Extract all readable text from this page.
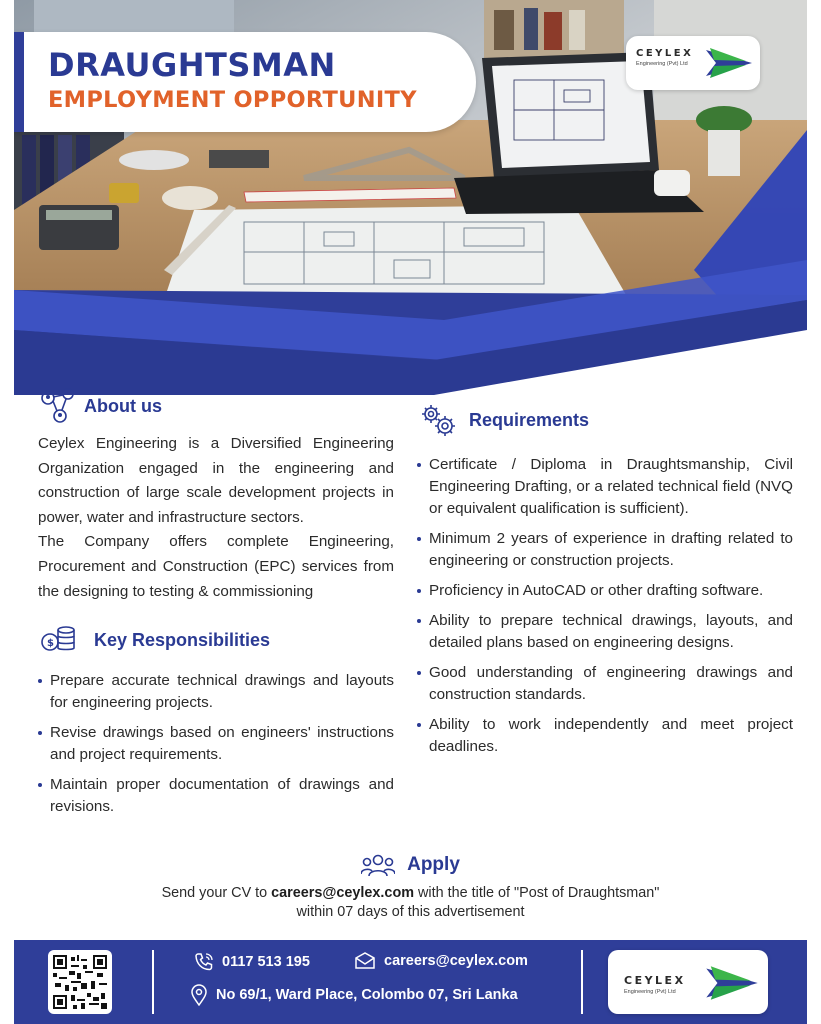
DRAUGHTSMAN
EMPLOYMENT OPPORTUNITY
CEYLEX
Engineering (Pvt) Ltd
About us

Ceylex Engineering is a Diversified Engineering Organization engaged in the engineering and construction of large scale development projects in power, water and infrastructure sectors.

The Company offers complete Engineering, Procurement and Construction (EPC) services from the designing to testing & commissioning

$ Key Responsibilities
Prepare accurate technical drawings and layouts for engineering projects.
Revise drawings based on engineers' instructions and project requirements.
Maintain proper documentation of drawings and revisions.
Requirements
Certificate / Diploma in Draughtsmanship, Civil Engineering Drafting, or a related technical field (NVQ or equivalent qualification is sufficient).
Minimum 2 years of experience in drafting related to engineering or construction projects.
Proficiency in AutoCAD or other drafting software.
Ability to prepare technical drawings, layouts, and detailed plans based on engineering designs.
Good understanding of engineering drawings and construction standards.
Ability to work independently and meet project deadlines.
Apply
Send your CV to careers@ceylex.com with the title of "Post of Draughtsman"
within 07 days of this advertisement
0117 513 195	careers@ceylex.com
No 69/1, Ward Place, Colombo 07, Sri Lanka
CEYLEX
Engineering (Pvt) Ltd
